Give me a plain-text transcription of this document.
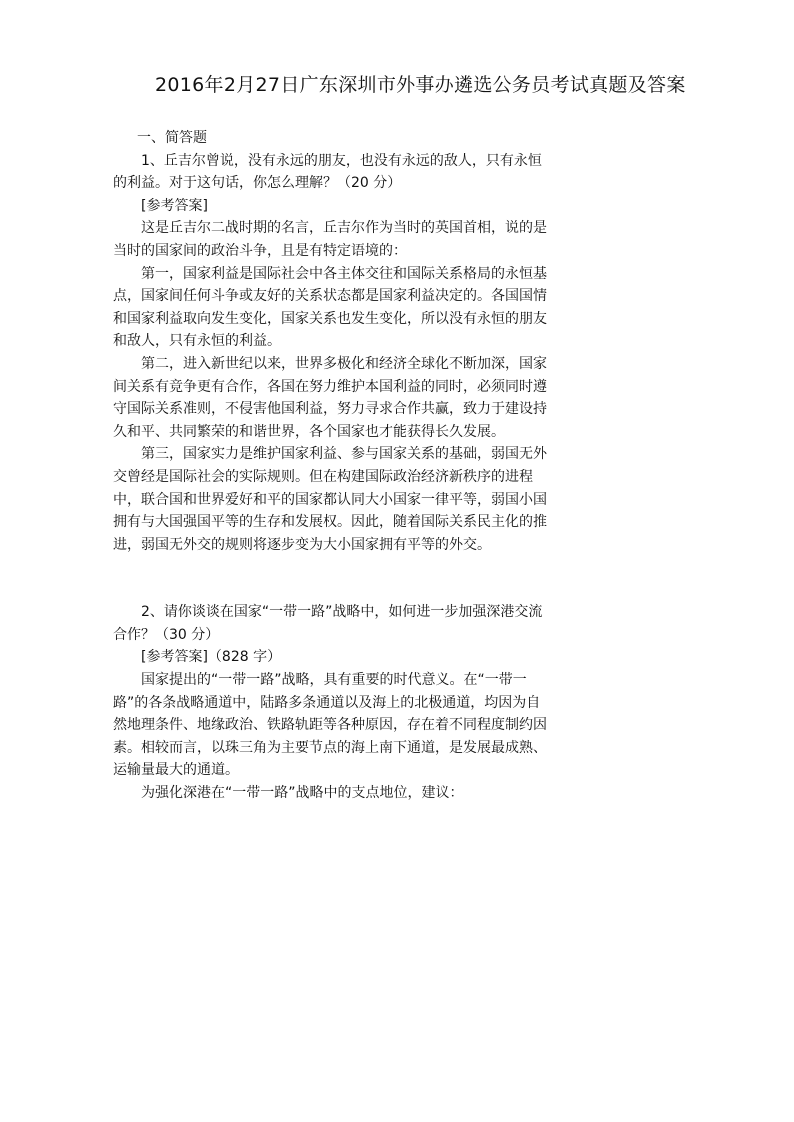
2016年2月27日广东深圳市外事办遴选公务员考试真题及答案

一、简答题

1、丘吉尔曾说，没有永远的朋友，也没有永远的敌人，只有永恒的利益。对于这句话，你怎么理解？（20 分）

[参考答案]

这是丘吉尔二战时期的名言，丘吉尔作为当时的英国首相，说的是当时的国家间的政治斗争，且是有特定语境的：

第一，国家利益是国际社会中各主体交往和国际关系格局的永恒基点，国家间任何斗争或友好的关系状态都是国家利益决定的。各国国情和国家利益取向发生变化，国家关系也发生变化，所以没有永恒的朋友和敌人，只有永恒的利益。

第二，进入新世纪以来，世界多极化和经济全球化不断加深，国家间关系有竞争更有合作，各国在努力维护本国利益的同时，必须同时遵守国际关系准则，不侵害他国利益，努力寻求合作共赢，致力于建设持久和平、共同繁荣的和谐世界，各个国家也才能获得长久发展。

第三，国家实力是维护国家利益、参与国家关系的基础，弱国无外交曾经是国际社会的实际规则。但在构建国际政治经济新秩序的进程中，联合国和世界爱好和平的国家都认同大小国家一律平等，弱国小国拥有与大国强国平等的生存和发展权。因此，随着国际关系民主化的推进，弱国无外交的规则将逐步变为大小国家拥有平等的外交。

2、请你谈谈在国家“一带一路”战略中，如何进一步加强深港交流合作？（30 分）

[参考答案]（828 字）

国家提出的“一带一路”战略，具有重要的时代意义。在“一带一路”的各条战略通道中，陆路多条通道以及海上的北极通道，均因为自然地理条件、地缘政治、铁路轨距等各种原因，存在着不同程度制约因素。相较而言，以珠三角为主要节点的海上南下通道，是发展最成熟、运输量最大的通道。

为强化深港在“一带一路”战略中的支点地位，建议：
